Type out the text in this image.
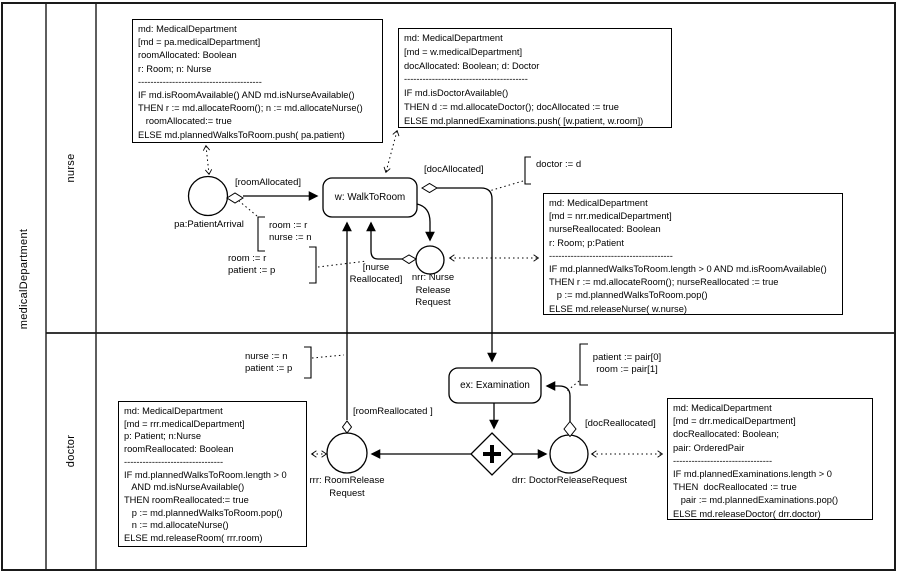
medicalDepartment
nurse
doctor
md: MedicalDepartment
[md = pa.medicalDepartment]
roomAllocated: Boolean
r: Room; n: Nurse
----------------------------------------
IF md.isRoomAvailable() AND md.isNurseAvailable()
THEN r := md.allocateRoom(); n := md.allocateNurse()
roomAllocated:= true
ELSE md.plannedWalksToRoom.push( pa.patient)
md: MedicalDepartment
[md = w.medicalDepartment]
docAllocated: Boolean; d: Doctor
----------------------------------------
IF md.isDoctorAvailable()
THEN d := md.allocateDoctor(); docAllocated := true
ELSE md.plannedExaminations.push( [w.patient, w.room])
md: MedicalDepartment
[md = nrr.medicalDepartment]
nurseReallocated: Boolean
r: Room; p:Patient
----------------------------------------
IF md.plannedWalksToRoom.length > 0 AND md.isRoomAvailable()
THEN r := md.allocateRoom(); nurseReallocated := true
p := md.plannedWalksToRoom.pop()
ELSE md.releaseNurse( w.nurse)
md: MedicalDepartment
[md = rrr.medicalDepartment]
p: Patient; n:Nurse
roomReallocated: Boolean
--------------------------------
IF md.plannedWalksToRoom.length > 0
AND md.isNurseAvailable()
THEN roomReallocated:= true
p := md.plannedWalksToRoom.pop()
n := md.allocateNurse()
ELSE md.releaseRoom( rrr.room)
md: MedicalDepartment
[md = drr.medicalDepartment]
docReallocated: Boolean;
pair: OrderedPair
--------------------------------
IF md.plannedExaminations.length > 0
THEN  docReallocated := true
pair := md.plannedExaminations.pop()
ELSE md.releaseDoctor( drr.doctor)
w: WalkToRoom
ex: Examination
pa:PatientArrival
nrr: Nurse
Release
Request
rrr: RoomRelease
Request
drr: DoctorReleaseRequest
[roomAllocated]
[docAllocated]
[nurse
Reallocated]
[roomReallocated ]
[docReallocated]
doctor := d
room := r
nurse := n
room := r
patient := p
nurse := n
patient := p
patient := pair[0]
room := pair[1]
